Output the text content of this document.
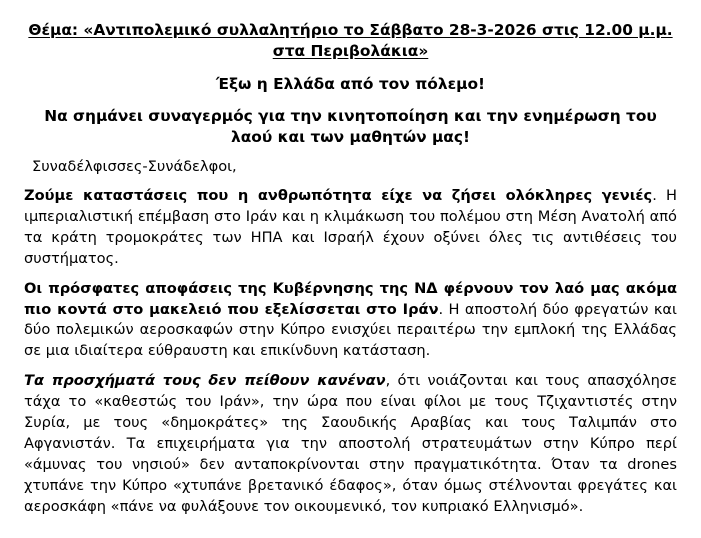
Θέμα: «Αντιπολεμικό συλλαλητήριο το Σάββατο 28-3-2026 στις 12.00 μ.μ. στα Περιβολάκια»

Έξω η Ελλάδα από τον πόλεμο!

Να σημάνει συναγερμός για την κινητοποίηση και την ενημέρωση του λαού και των μαθητών μας!

Συναδέλφισσες-Συνάδελφοι,

Ζούμε καταστάσεις που η ανθρωπότητα είχε να ζήσει ολόκληρες γενιές. Η ιμπεριαλιστική επέμβαση στο Ιράν και η κλιμάκωση του πολέμου στη Μέση Ανατολή από τα κράτη τρομοκράτες των ΗΠΑ και Ισραήλ έχουν οξύνει όλες τις αντιθέσεις του συστήματος.

Οι πρόσφατες αποφάσεις της Κυβέρνησης της ΝΔ φέρνουν τον λαό μας ακόμα πιο κοντά στο μακελειό που εξελίσσεται στο Ιράν. Η αποστολή δύο φρεγατών και δύο πολεμικών αεροσκαφών στην Κύπρο ενισχύει περαιτέρω την εμπλοκή της Ελλάδας σε μια ιδιαίτερα εύθραυστη και επικίνδυνη κατάσταση.

Τα προσχήματά τους δεν πείθουν κανέναν, ότι νοιάζονται και τους απασχόλησε τάχα το «καθεστώς του Ιράν», την ώρα που είναι φίλοι με τους Τζιχαντιστές στην Συρία, με τους «δημοκράτες» της Σαουδικής Αραβίας και τους Ταλιμπάν στο Αφγανιστάν. Τα επιχειρήματα για την αποστολή στρατευμάτων στην Κύπρο περί «άμυνας του νησιού» δεν ανταποκρίνονται στην πραγματικότητα. Όταν τα drones χτυπάνε την Κύπρο «χτυπάνε βρετανικό έδαφος», όταν όμως στέλνονται φρεγάτες και αεροσκάφη «πάνε να φυλάξουνε τον οικουμενικό, τον κυπριακό Ελληνισμό».
